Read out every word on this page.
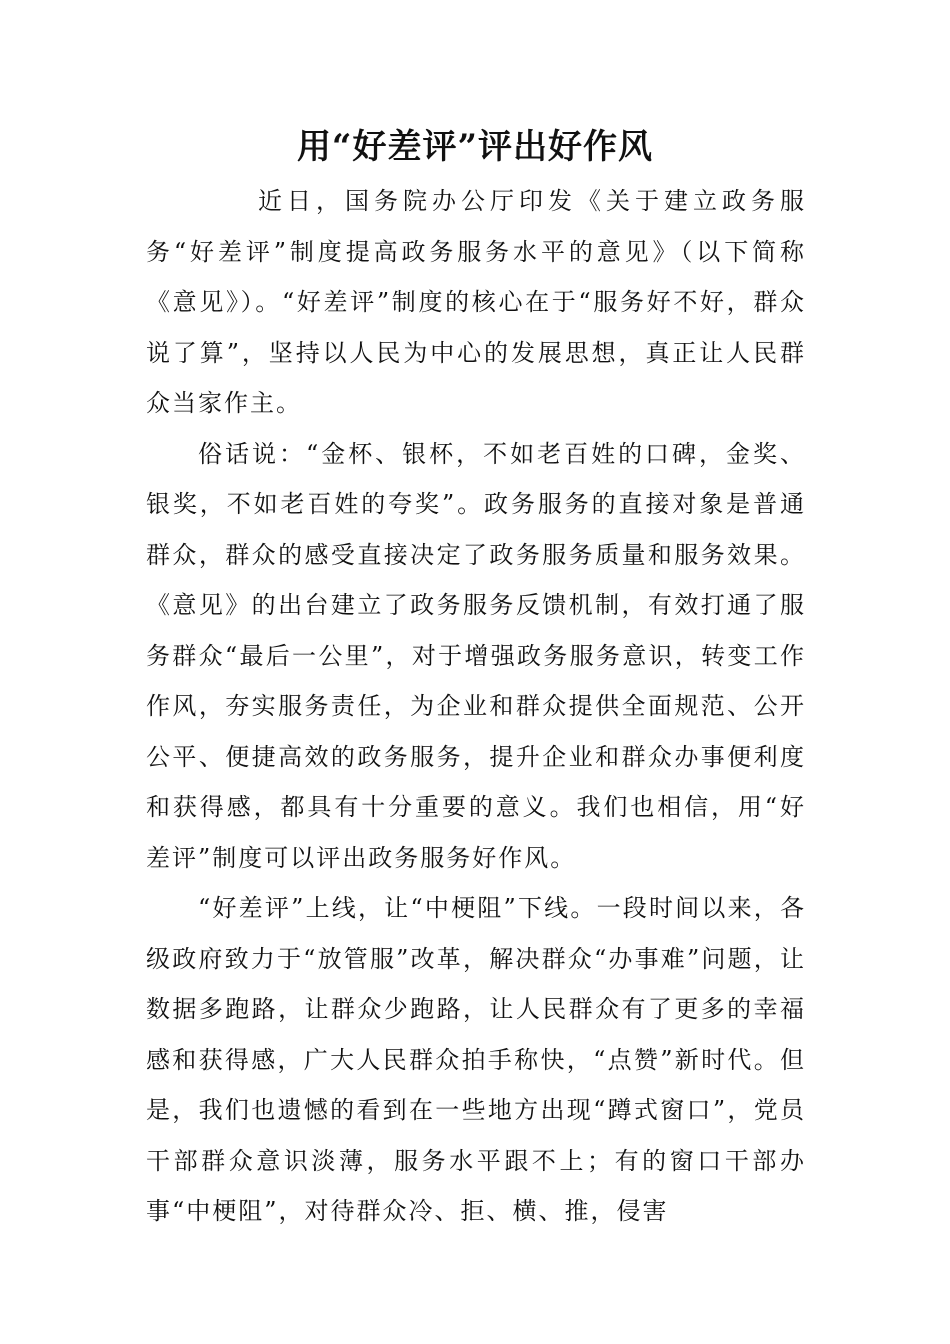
用“好差评”评出好作风

近日，国务院办公厅印发《关于建立政务服务“好差评”制度提高政务服务水平的意见》（以下简称《意见》）。“好差评”制度的核心在于“服务好不好，群众说了算”，坚持以人民为中心的发展思想，真正让人民群众当家作主。

俗话说：“金杯、银杯，不如老百姓的口碑，金奖、银奖，不如老百姓的夸奖”。政务服务的直接对象是普通群众，群众的感受直接决定了政务服务质量和服务效果。《意见》的出台建立了政务服务反馈机制，有效打通了服务群众“最后一公里”，对于增强政务服务意识，转变工作作风，夯实服务责任，为企业和群众提供全面规范、公开公平、便捷高效的政务服务，提升企业和群众办事便利度和获得感，都具有十分重要的意义。我们也相信，用“好差评”制度可以评出政务服务好作风。

“好差评”上线，让“中梗阻”下线。一段时间以来，各级政府致力于“放管服”改革，解决群众“办事难”问题，让数据多跑路，让群众少跑路，让人民群众有了更多的幸福感和获得感，广大人民群众拍手称快，“点赞”新时代。但是，我们也遗憾的看到在一些地方出现“蹲式窗口”，党员干部群众意识淡薄，服务水平跟不上；有的窗口干部办事“中梗阻”，对待群众冷、拒、横、推，侵害
